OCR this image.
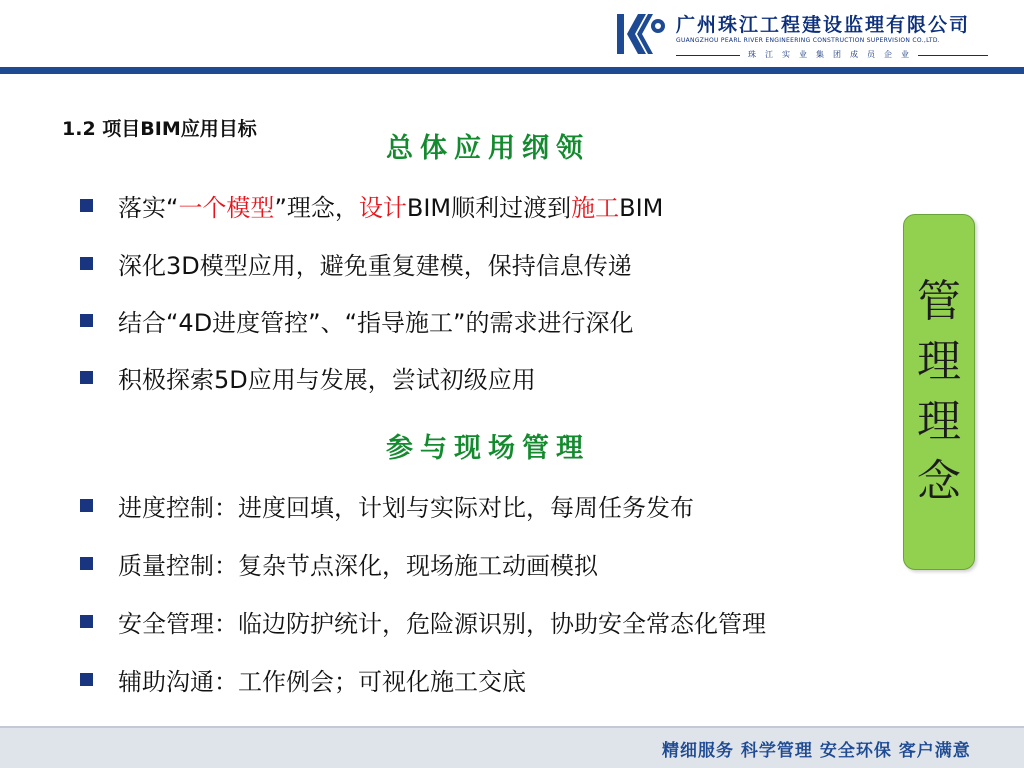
广州珠江工程建设监理有限公司
GUANGZHOU PEARL RIVER ENGINEERING CONSTRUCTION SUPERVISION CO.,LTD.
珠江实业集团成员企业
1.2 项目BIM应用目标
总体应用纲领
落实“一个模型”理念，设计BIM顺利过渡到施工BIM
深化3D模型应用，避免重复建模，保持信息传递
结合“4D进度管控”、“指导施工”的需求进行深化
积极探索5D应用与发展，尝试初级应用
参与现场管理
进度控制：进度回填，计划与实际对比，每周任务发布
质量控制：复杂节点深化，现场施工动画模拟
安全管理：临边防护统计，危险源识别，协助安全常态化管理
辅助沟通：工作例会；可视化施工交底
管
理
理
念
精细服务 科学管理 安全环保 客户满意
